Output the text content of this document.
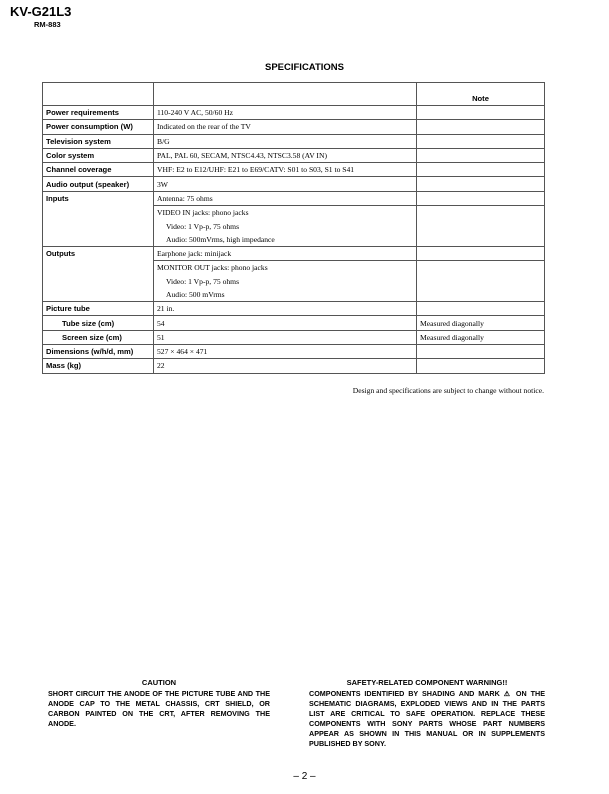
KV-G21L3
RM-883
SPECIFICATIONS
		Note
Power requirements	110-240 V AC, 50/60 Hz	
Power consumption (W)	Indicated on the rear of the TV	
Television system	B/G	
Color system	PAL, PAL 60, SECAM, NTSC4.43, NTSC3.58 (AV IN)	
Channel coverage	VHF: E2 to E12/UHF: E21 to E69/CATV: S01 to S03, S1 to S41	
Audio output (speaker)	3W	
Inputs	Antenna: 75 ohms	
	VIDEO IN jacks: phono jacks	
	Video: 1 Vp-p, 75 ohms	
	Audio: 500mVrms, high impedance	
Outputs	Earphone jack: minijack	
	MONITOR OUT jacks: phono jacks	
	Video: 1 Vp-p, 75 ohms	
	Audio: 500 mVrms	
Picture tube	21 in.	
Tube size (cm)	54	Measured diagonally
Screen size (cm)	51	Measured diagonally
Dimensions (w/h/d, mm)	527 × 464 × 471	
Mass (kg)	22	
Design and specifications are subject to change without notice.
CAUTION
SHORT CIRCUIT THE ANODE OF THE PICTURE TUBE AND THE ANODE CAP TO THE METAL CHASSIS, CRT SHIELD, OR CARBON PAINTED ON THE CRT, AFTER REMOVING THE ANODE.
SAFETY-RELATED COMPONENT WARNING!!
COMPONENTS IDENTIFIED BY SHADING AND MARK ⚠ ON THE SCHEMATIC DIAGRAMS, EXPLODED VIEWS AND IN THE PARTS LIST ARE CRITICAL TO SAFE OPERATION. REPLACE THESE COMPONENTS WITH SONY PARTS WHOSE PART NUMBERS APPEAR AS SHOWN IN THIS MANUAL OR IN SUPPLEMENTS PUBLISHED BY SONY.
– 2 –
